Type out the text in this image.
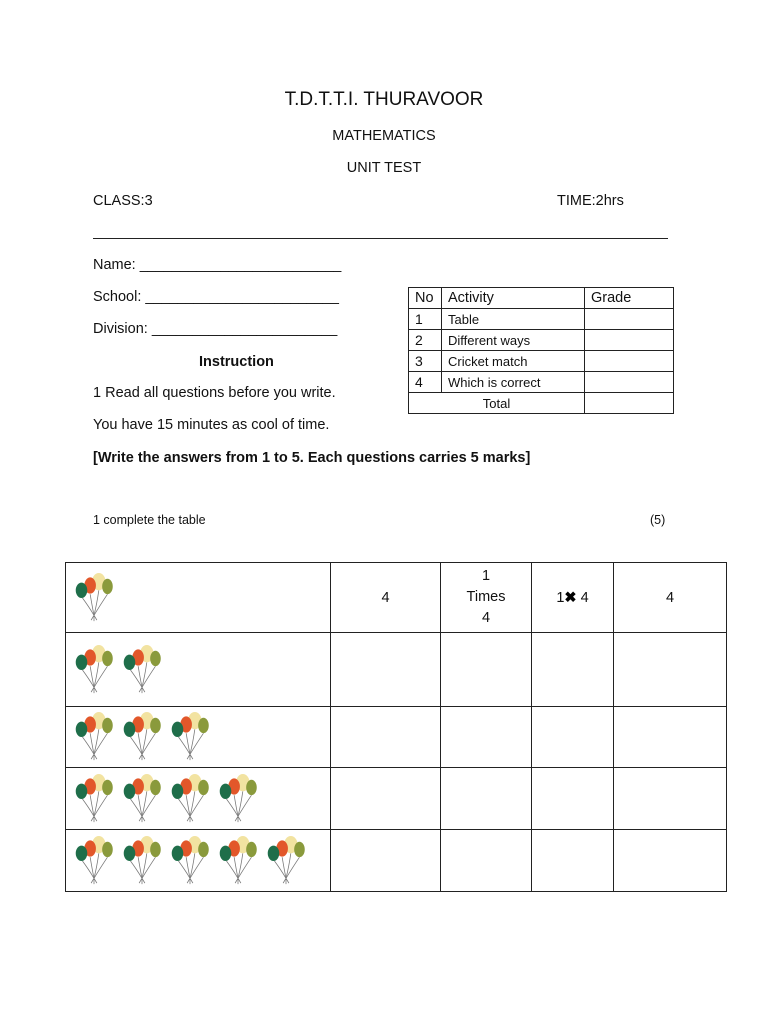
T.D.T.T.I. THURAVOOR
MATHEMATICS
UNIT TEST
CLASS:3	TIME:2hrs
Name: _________________________
School: ________________________
Division: _______________________
Instruction
1 Read all questions before you write.
You have 15 minutes as cool of time.
[Write the answers from 1 to 5. Each questions carries 5 marks]
No	Activity	Grade
1	Table	
2	Different ways	
3	Cricket match	
4	Which is correct	
Total		
1 complete the table	(5)
	4	1
Times
4	1✖ 4	4
